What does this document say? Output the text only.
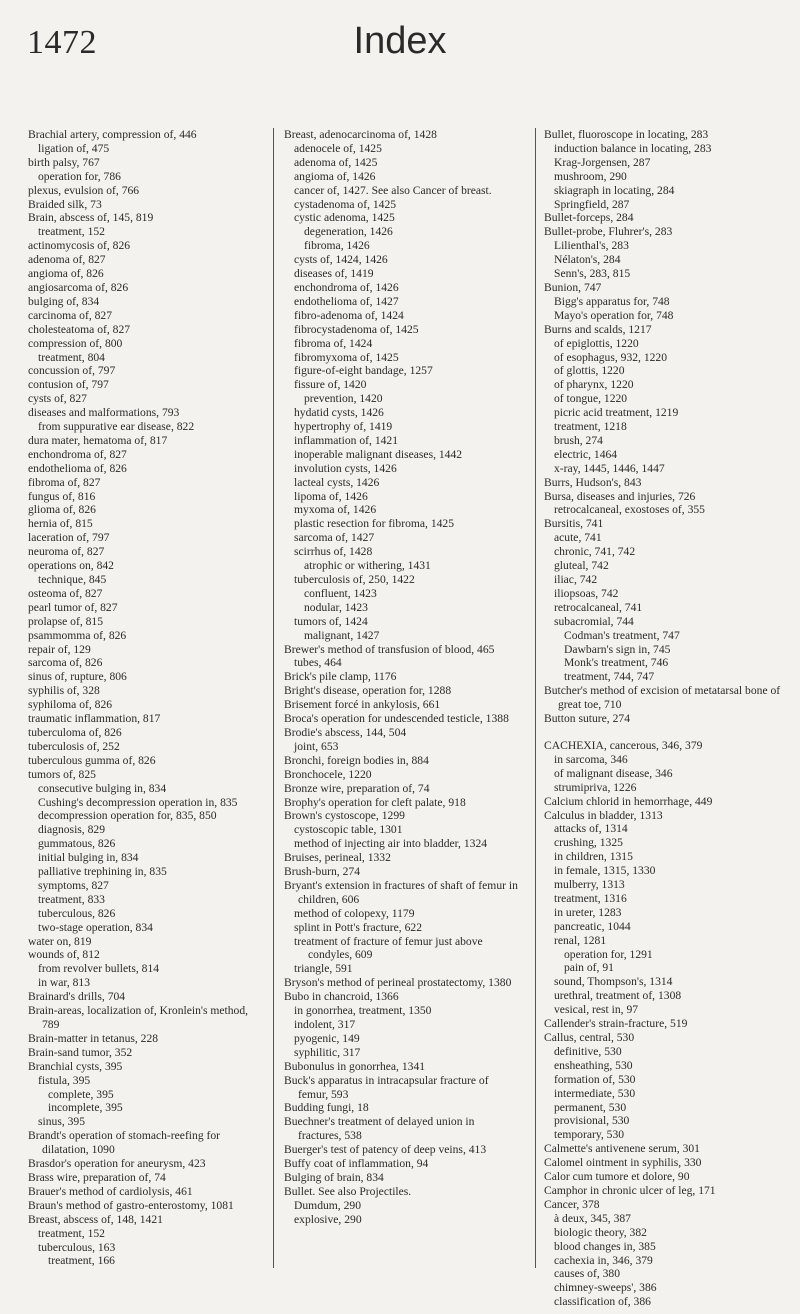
1472	Index
Brachial artery, compression of, 446
ligation of, 475
birth palsy, 767
operation for, 786
plexus, evulsion of, 766
Braided silk, 73
Brain, abscess of, 145, 819
treatment, 152
actinomycosis of, 826
adenoma of, 827
angioma of, 826
angiosarcoma of, 826
bulging of, 834
carcinoma of, 827
cholesteatoma of, 827
compression of, 800
treatment, 804
concussion of, 797
contusion of, 797
cysts of, 827
diseases and malformations, 793
from suppurative ear disease, 822
dura mater, hematoma of, 817
enchondroma of, 827
endothelioma of, 826
fibroma of, 827
fungus of, 816
glioma of, 826
hernia of, 815
laceration of, 797
neuroma of, 827
operations on, 842
technique, 845
osteoma of, 827
pearl tumor of, 827
prolapse of, 815
psammomma of, 826
repair of, 129
sarcoma of, 826
sinus of, rupture, 806
syphilis of, 328
syphiloma of, 826
traumatic inflammation, 817
tuberculoma of, 826
tuberculosis of, 252
tuberculous gumma of, 826
tumors of, 825
consecutive bulging in, 834
Cushing's decompression operation in, 835
decompression operation for, 835, 850
diagnosis, 829
gummatous, 826
initial bulging in, 834
palliative trephining in, 835
symptoms, 827
treatment, 833
tuberculous, 826
two-stage operation, 834
water on, 819
wounds of, 812
from revolver bullets, 814
in war, 813
Brainard's drills, 704
Brain-areas, localization of, Kronlein's method, 789
Brain-matter in tetanus, 228
Brain-sand tumor, 352
Branchial cysts, 395
fistula, 395
complete, 395
incomplete, 395
sinus, 395
Brandt's operation of stomach-reefing for dilatation, 1090
Brasdor's operation for aneurysm, 423
Brass wire, preparation of, 74
Brauer's method of cardiolysis, 461
Braun's method of gastro-enterostomy, 1081
Breast, abscess of, 148, 1421
treatment, 152
tuberculous, 163
treatment, 166
Breast, adenocarcinoma of, 1428
adenocele of, 1425
adenoma of, 1425
angioma of, 1426
cancer of, 1427. See also Cancer of breast.
cystadenoma of, 1425
cystic adenoma, 1425
degeneration, 1426
fibroma, 1426
cysts of, 1424, 1426
diseases of, 1419
enchondroma of, 1426
endothelioma of, 1427
fibro-adenoma of, 1424
fibrocystadenoma of, 1425
fibroma of, 1424
fibromyxoma of, 1425
figure-of-eight bandage, 1257
fissure of, 1420
prevention, 1420
hydatid cysts, 1426
hypertrophy of, 1419
inflammation of, 1421
inoperable malignant diseases, 1442
involution cysts, 1426
lacteal cysts, 1426
lipoma of, 1426
myxoma of, 1426
plastic resection for fibroma, 1425
sarcoma of, 1427
scirrhus of, 1428
atrophic or withering, 1431
tuberculosis of, 250, 1422
confluent, 1423
nodular, 1423
tumors of, 1424
malignant, 1427
Brewer's method of transfusion of blood, 465
tubes, 464
Brick's pile clamp, 1176
Bright's disease, operation for, 1288
Brisement forcé in ankylosis, 661
Broca's operation for undescended testicle, 1388
Brodie's abscess, 144, 504
joint, 653
Bronchi, foreign bodies in, 884
Bronchocele, 1220
Bronze wire, preparation of, 74
Brophy's operation for cleft palate, 918
Brown's cystoscope, 1299
cystoscopic table, 1301
method of injecting air into bladder, 1324
Bruises, perineal, 1332
Brush-burn, 274
Bryant's extension in fractures of shaft of femur in children, 606
method of colopexy, 1179
splint in Pott's fracture, 622
treatment of fracture of femur just above condyles, 609
triangle, 591
Bryson's method of perineal prostatectomy, 1380
Bubo in chancroid, 1366
in gonorrhea, treatment, 1350
indolent, 317
pyogenic, 149
syphilitic, 317
Bubonulus in gonorrhea, 1341
Buck's apparatus in intracapsular fracture of femur, 593
Budding fungi, 18
Buechner's treatment of delayed union in fractures, 538
Buerger's test of patency of deep veins, 413
Buffy coat of inflammation, 94
Bulging of brain, 834
Bullet. See also Projectiles.
Dumdum, 290
explosive, 290
Bullet, fluoroscope in locating, 283
induction balance in locating, 283
Krag-Jorgensen, 287
mushroom, 290
skiagraph in locating, 284
Springfield, 287
Bullet-forceps, 284
Bullet-probe, Fluhrer's, 283
Lilienthal's, 283
Nélaton's, 284
Senn's, 283, 815
Bunion, 747
Bigg's apparatus for, 748
Mayo's operation for, 748
Burns and scalds, 1217
of epiglottis, 1220
of esophagus, 932, 1220
of glottis, 1220
of pharynx, 1220
of tongue, 1220
picric acid treatment, 1219
treatment, 1218
brush, 274
electric, 1464
x-ray, 1445, 1446, 1447
Burrs, Hudson's, 843
Bursa, diseases and injuries, 726
retrocalcaneal, exostoses of, 355
Bursitis, 741
acute, 741
chronic, 741, 742
gluteal, 742
iliac, 742
iliopsoas, 742
retrocalcaneal, 741
subacromial, 744
Codman's treatment, 747
Dawbarn's sign in, 745
Monk's treatment, 746
treatment, 744, 747
Butcher's method of excision of metatarsal bone of great toe, 710
Button suture, 274
CACHEXIA, cancerous, 346, 379
in sarcoma, 346
of malignant disease, 346
strumipriva, 1226
Calcium chlorid in hemorrhage, 449
Calculus in bladder, 1313
attacks of, 1314
crushing, 1325
in children, 1315
in female, 1315, 1330
mulberry, 1313
treatment, 1316
in ureter, 1283
pancreatic, 1044
renal, 1281
operation for, 1291
pain of, 91
sound, Thompson's, 1314
urethral, treatment of, 1308
vesical, rest in, 97
Callender's strain-fracture, 519
Callus, central, 530
definitive, 530
ensheathing, 530
formation of, 530
intermediate, 530
permanent, 530
provisional, 530
temporary, 530
Calmette's antivenene serum, 301
Calomel ointment in syphilis, 330
Calor cum tumore et dolore, 90
Camphor in chronic ulcer of leg, 171
Cancer, 378
à deux, 345, 387
biologic theory, 382
blood changes in, 385
cachexia in, 346, 379
causes of, 380
chimney-sweeps', 386
classification of, 386
